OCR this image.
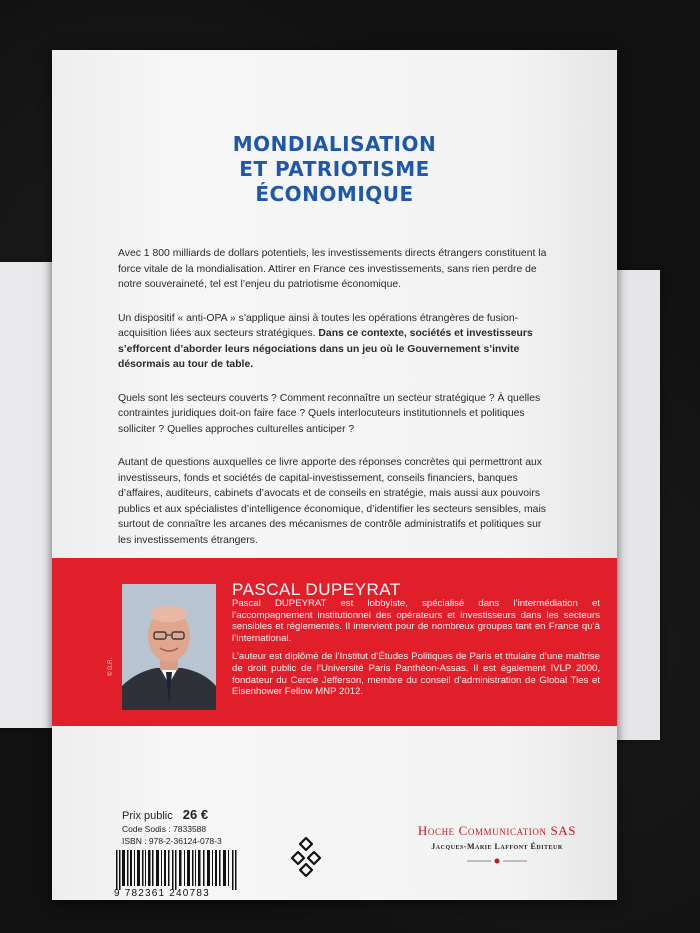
MONDIALISATION
ET PATRIOTISME
ÉCONOMIQUE

Avec 1 800 milliards de dollars potentiels, les investissements directs étrangers constituent la force vitale de la mondialisation. Attirer en France ces investissements, sans rien perdre de notre souveraineté, tel est l’enjeu du patriotisme économique.

Un dispositif « anti-OPA » s’applique ainsi à toutes les opérations étrangères de fusion-acquisition liées aux secteurs stratégiques. Dans ce contexte, sociétés et investisseurs s’efforcent d’aborder leurs négociations dans un jeu où le Gouvernement s’invite désormais au tour de table.

Quels sont les secteurs couverts ? Comment reconnaître un secteur stratégique ? À quelles contraintes juridiques doit-on faire face ? Quels interlocuteurs institutionnels et politiques solliciter ? Quelles approches culturelles anticiper ?

Autant de questions auxquelles ce livre apporte des réponses concrètes qui permettront aux investisseurs, fonds et sociétés de capital-investissement, conseils financiers, banques d’affaires, auditeurs, cabinets d’avocats et de conseils en stratégie, mais aussi aux pouvoirs publics et aux spécialistes d’intelligence économique, d’identifier les secteurs sensibles, mais surtout de connaître les arcanes des mécanismes de contrôle administratifs et politiques sur les investissements étrangers.

© D.R.
PASCAL DUPEYRAT

Pascal DUPEYRAT est lobbyiste, spécialisé dans l’intermédiation et l’accompagnement institutionnel des opérateurs et investisseurs dans les secteurs sensibles et réglementés. Il intervient pour de nombreux groupes tant en France qu’à l’international.

L’auteur est diplômé de l’Institut d’Études Politiques de Paris et titulaire d’une maîtrise de droit public de l’Université Paris Panthéon-Assas. Il est également IVLP 2000, fondateur du Cercle Jefferson, membre du conseil d’administration de Global Ties et Eisenhower Fellow MNP 2012.

Prix public 26 €
Code Sodis : 7833588
ISBN : 978-2-36124-078-3
9 782361 240783
Hoche Communication SAS
Jacques-Marie Laffont Éditeur
